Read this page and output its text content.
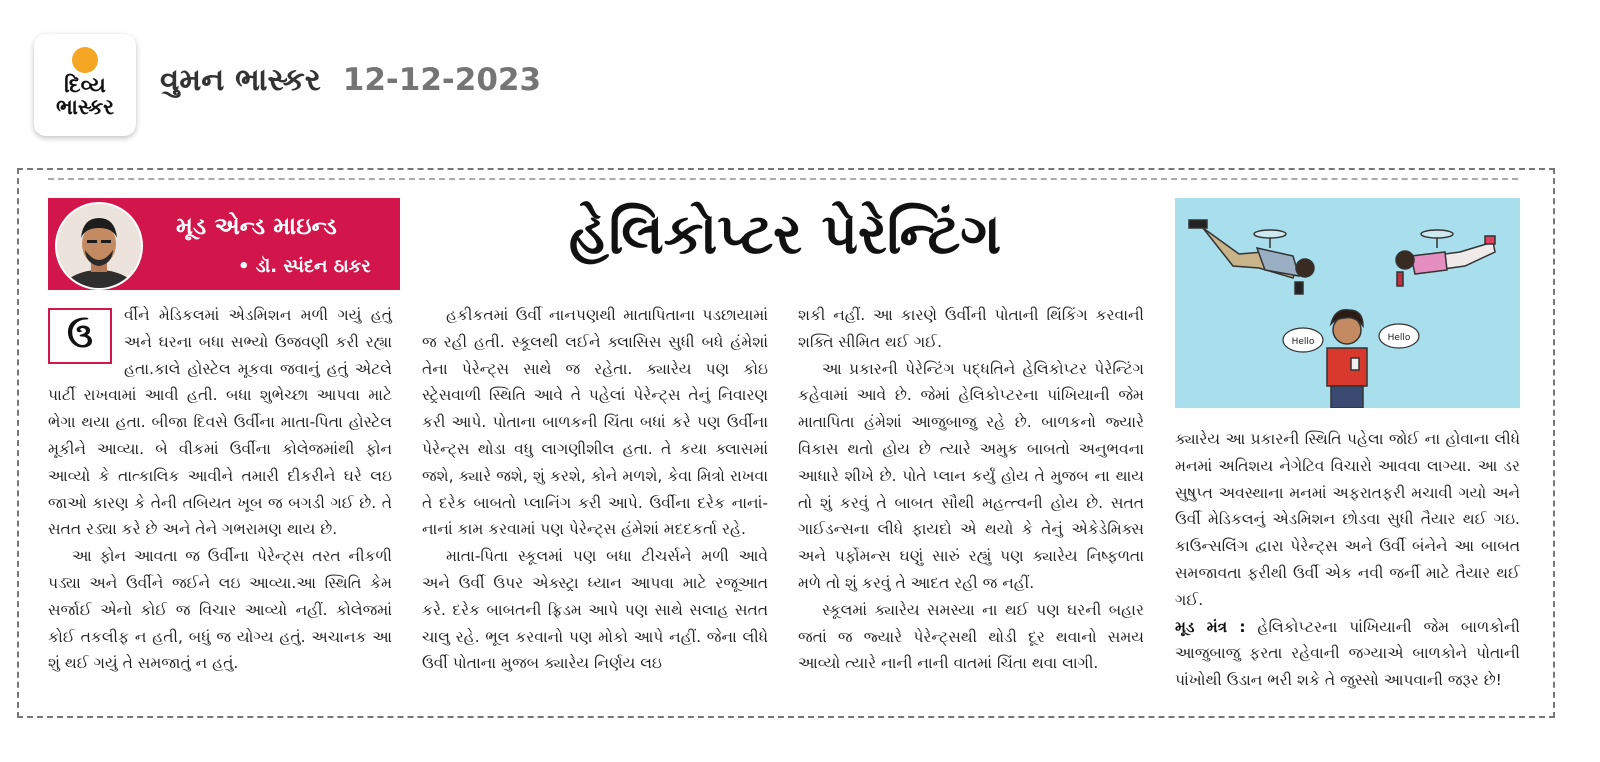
દિવ્ય
ભાસ્કર
વુમન ભાસ્કર 12-12-2023
મૂડ એન્ડ માઇન્ડ
• ડૉ. સ્પંદન ઠાકર	હેલિકોપ્ટર પેરેન્ટિંગ
Hello	Hello
ઉ

ર્વીને મેડિકલમાં એડમિશન મળી ગયું હતું અને ઘરના બધા સભ્યો ઉજવણી કરી રહ્યા હતા.કાલે હોસ્ટેલ મૂકવા જવાનું હતું એટલે પાર્ટી રાખવામાં આવી હતી. બધા શુભેચ્છા આપવા માટે ભેગા થયા હતા. બીજા દિવસે ઉર્વીના માતા-પિતા હોસ્ટેલ મૂકીને આવ્યા. બે વીકમાં ઉર્વીના કોલેજમાંથી ફોન આવ્યો કે તાત્કાલિક આવીને તમારી દીકરીને ઘરે લઇ જાઓ કારણ કે તેની તબિયત ખૂબ જ બગડી ગઈ છે. તે સતત રડ્યા કરે છે અને તેને ગભરામણ થાય છે.

આ ફોન આવતા જ ઉર્વીના પેરેન્ટ્સ તરત નીકળી પડ્યા અને ઉર્વીને જઈને લઇ આવ્યા.આ સ્થિતિ કેમ સર્જાઈ એનો કોઈ જ વિચાર આવ્યો નહીં. કોલેજમાં કોઈ તકલીફ ન હતી, બધું જ યોગ્ય હતું. અચાનક આ શું થઈ ગયું તે સમજાતું ન હતું.

હકીકતમાં ઉર્વી નાનપણથી માતાપિતાના પડછાયામાં જ રહી હતી. સ્કૂલથી લઈને ક્લાસિસ સુધી બધે હંમેશાં તેના પેરેન્ટ્સ સાથે જ રહેતા. ક્યારેય પણ કોઇ સ્ટ્રેસવાળી સ્થિતિ આવે તે પહેલાં પેરેન્ટ્સ તેનું નિવારણ કરી આપે. પોતાના બાળકની ચિંતા બધાં કરે પણ ઉર્વીના પેરેન્ટ્સ થોડા વધુ લાગણીશીલ હતા. તે કયા ક્લાસમાં જશે, ક્યારે જશે, શું કરશે, કોને મળશે, કેવા મિત્રો રાખવા તે દરેક બાબતો પ્લાનિંગ કરી આપે. ઉર્વીના દરેક નાનાં-નાનાં કામ કરવામાં પણ પેરેન્ટ્સ હંમેશાં મદદકર્તા રહે.

માતા-પિતા સ્કૂલમાં પણ બધા ટીચર્સને મળી આવે અને ઉર્વી ઉપર એક્સ્ટ્રા ધ્યાન આપવા માટે રજૂઆત કરે. દરેક બાબતની ફ્રિડમ આપે પણ સાથે સલાહ સતત ચાલુ રહે. ભૂલ કરવાનો પણ મોકો આપે નહીં. જેના લીધે ઉર્વી પોતાના મુજબ ક્યારેય નિર્ણય લઇ

શકી નહીં. આ કારણે ઉર્વીની પોતાની થિંકિંગ કરવાની શક્તિ સીમિત થઈ ગઈ.

આ પ્રકારની પેરેન્ટિંગ પદ્ધતિને હેલિકોપ્ટર પેરેન્ટિંગ કહેવામાં આવે છે. જેમાં હેલિકોપ્ટરના પાંખિયાની જેમ માતાપિતા હંમેશાં આજુબાજુ રહે છે. બાળકનો જ્યારે વિકાસ થતો હોય છે ત્યારે અમુક બાબતો અનુભવના આધારે શીખે છે. પોતે પ્લાન કર્યું હોય તે મુજબ ના થાય તો શું કરવું તે બાબત સૌથી મહત્ત્વની હોય છે. સતત ગાઈડન્સના લીધે ફાયદો એ થયો કે તેનું એકેડેમિક્સ અને પર્ફોમન્સ ઘણું સારું રહ્યું પણ ક્યારેય નિષ્ફળતા મળે તો શું કરવું તે આદત રહી જ નહીં.

સ્કૂલમાં ક્યારેય સમસ્યા ના થઈ પણ ઘરની બહાર જતાં જ જ્યારે પેરેન્ટ્સથી થોડી દૂર થવાનો સમય આવ્યો ત્યારે નાની નાની વાતમાં ચિંતા થવા લાગી.

ક્યારેય આ પ્રકારની સ્થિતિ પહેલા જોઈ ના હોવાના લીધે મનમાં અતિશય નેગેટિવ વિચારો આવવા લાગ્યા. આ ડર સુષુપ્ત અવસ્થાના મનમાં અફરાતફરી મચાવી ગયો અને ઉર્વી મેડિકલનું એડમિશન છોડવા સુધી તૈયાર થઈ ગઇ. કાઉન્સલિંગ દ્વારા પેરેન્ટ્સ અને ઉર્વી બંનેને આ બાબત સમજાવતા ફરીથી ઉર્વી એક નવી જર્ની માટે તૈયાર થઈ ગઈ.

મૂડ મંત્ર : હેલિકોપ્ટરના પાંખિયાની જેમ બાળકોની આજુબાજુ ફરતા રહેવાની જગ્યાએ બાળકોને પોતાની પાંખોથી ઉડાન ભરી શકે તે જુસ્સો આપવાની જરૂર છે!
